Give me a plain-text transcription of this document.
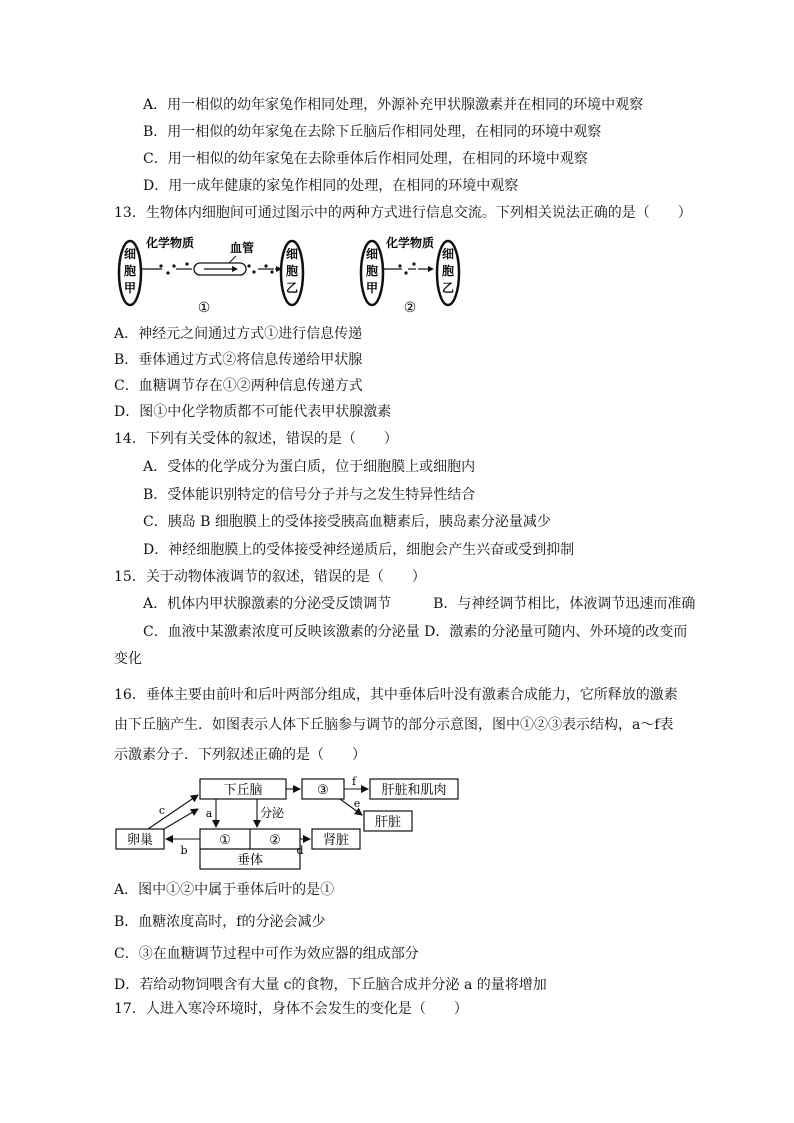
A．用一相似的幼年家兔作相同处理，外源补充甲状腺激素并在相同的环境中观察
B．用一相似的幼年家兔在去除下丘脑后作相同处理，在相同的环境中观察
C．用一相似的幼年家兔在去除垂体后作相同处理，在相同的环境中观察
D．用一成年健康的家兔作相同的处理，在相同的环境中观察
13．生物体内细胞间可通过图示中的两种方式进行信息交流。下列相关说法正确的是（　　）
细
胞
甲
化学物质	血管	细
胞
乙
①
细
胞
甲
化学物质
细
胞
乙
②
A．神经元之间通过方式①进行信息传递
B．垂体通过方式②将信息传递给甲状腺
C．血糖调节存在①②两种信息传递方式
D．图①中化学物质都不可能代表甲状腺激素
14．下列有关受体的叙述，错误的是（　　）
A．受体的化学成分为蛋白质，位于细胞膜上或细胞内
B．受体能识别特定的信号分子并与之发生特异性结合
C．胰岛 B 细胞膜上的受体接受胰高血糖素后，胰岛素分泌量减少
D．神经细胞膜上的受体接受神经递质后，细胞会产生兴奋或受到抑制
15．关于动物体液调节的叙述，错误的是（　　）
A．机体内甲状腺激素的分泌受反馈调节　　　B．与神经调节相比，体液调节迅速而准确
C．血液中某激素浓度可反映该激素的分泌量 D．激素的分泌量可随内、外环境的改变而
变化
16．垂体主要由前叶和后叶两部分组成，其中垂体后叶没有激素合成能力，它所释放的激素
由下丘脑产生．如图表示人体下丘脑参与调节的部分示意图，图中①②③表示结构，a～f表
示激素分子．下列叙述正确的是（　　）
下丘脑	③	肝脏和肌肉
肝脏
卵巢	①	②
垂体
肾脏
f
e
a	分泌
b
c
d
A．图中①②中属于垂体后叶的是①
B．血糖浓度高时，f的分泌会减少
C．③在血糖调节过程中可作为效应器的组成部分
D．若给动物饲喂含有大量 c的食物，下丘脑合成并分泌 a 的量将增加
17．人进入寒冷环境时，身体不会发生的变化是（　　）
